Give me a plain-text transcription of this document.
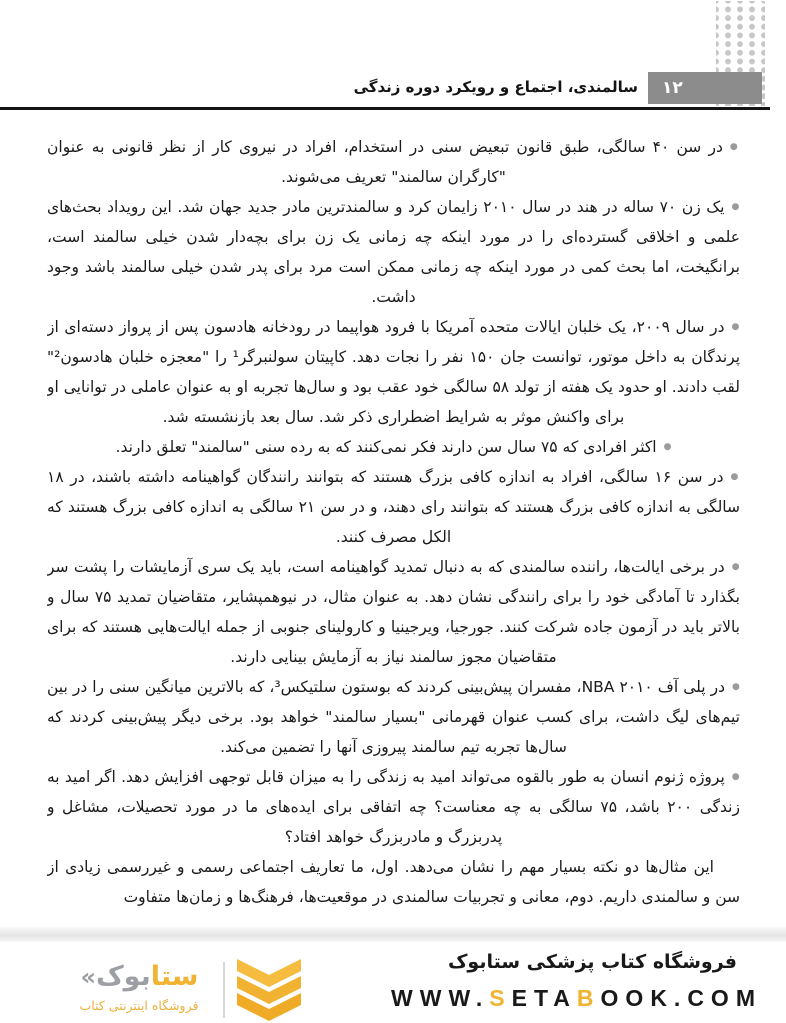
۱۲
سالمندی، اجتماع و رویکرد دوره زندگی

● در سن ۴۰ سالگی، طبق قانون تبعیض سنی در استخدام، افراد در نیروی کار از نظر قانونی به عنوان "کارگران سالمند" تعریف می‌شوند.

● یک زن ۷۰ ساله در هند در سال ۲۰۱۰ زایمان کرد و سالمندترین مادر جدید جهان شد. این رویداد بحث‌های علمی و اخلاقی گسترده‌ای را در مورد اینکه چه زمانی یک زن برای بچه‌دار شدن خیلی سالمند است، برانگیخت، اما بحث کمی در مورد اینکه چه زمانی ممکن است مرد برای پدر شدن خیلی سالمند باشد وجود داشت.

● در سال ۲۰۰۹، یک خلبان ایالات متحده آمریکا با فرود هواپیما در رودخانه هادسون پس از پرواز دسته‌ای از پرندگان به داخل موتور، توانست جان ۱۵۰ نفر را نجات دهد. کاپیتان سولنبرگر¹ را "معجزه خلبان هادسون²" لقب دادند. او حدود یک هفته از تولد ۵۸ سالگی خود عقب بود و سال‌ها تجربه او به عنوان عاملی در توانایی او برای واکنش موثر به شرایط اضطراری ذکر شد. سال بعد بازنشسته شد.

● اکثر افرادی که ۷۵ سال سن دارند فکر نمی‌کنند که به رده سنی "سالمند" تعلق دارند.

● در سن ۱۶ سالگی، افراد به اندازه کافی بزرگ هستند که بتوانند رانندگان گواهینامه داشته باشند، در ۱۸ سالگی به اندازه کافی بزرگ هستند که بتوانند رای دهند، و در سن ۲۱ سالگی به اندازه کافی بزرگ هستند که الکل مصرف کنند.

● در برخی ایالت‌ها، راننده سالمندی که به دنبال تمدید گواهینامه است، باید یک سری آزمایشات را پشت سر بگذارد تا آمادگی خود را برای رانندگی نشان دهد. به عنوان مثال، در نیوهمپشایر، متقاضیان تمدید ۷۵ سال و بالاتر باید در آزمون جاده شرکت کنند. جورجیا، ویرجینیا و کارولینای جنوبی از جمله ایالت‌هایی هستند که برای متقاضیان مجوز سالمند نیاز به آزمایش بینایی دارند.

● در پلی آف ۲۰۱۰ NBA، مفسران پیش‌بینی کردند که بوستون سلتیکس³، که بالاترین میانگین سنی را در بین تیم‌های لیگ داشت، برای کسب عنوان قهرمانی "بسیار سالمند" خواهد بود. برخی دیگر پیش‌بینی کردند که سال‌ها تجربه تیم سالمند پیروزی آنها را تضمین می‌کند.

● پروژه ژنوم انسان به طور بالقوه می‌تواند امید به زندگی را به میزان قابل توجهی افزایش دهد. اگر امید به زندگی ۲۰۰ باشد، ۷۵ سالگی به چه معناست؟ چه اتفاقی برای ایده‌های ما در مورد تحصیلات، مشاغل و پدربزرگ و مادربزرگ خواهد افتاد؟

این مثال‌ها دو نکته بسیار مهم را نشان می‌دهد. اول، ما تعاریف اجتماعی رسمی و غیررسمی زیادی از سن و سالمندی داریم. دوم، معانی و تجربیات سالمندی در موقعیت‌ها، فرهنگ‌ها و زمان‌ها متفاوت

فروشگاه کتاب پزشکی ستابوک
WWW.SETABOOK.COM
« بوک ستا
فروشگاه اینترنتی کتاب
